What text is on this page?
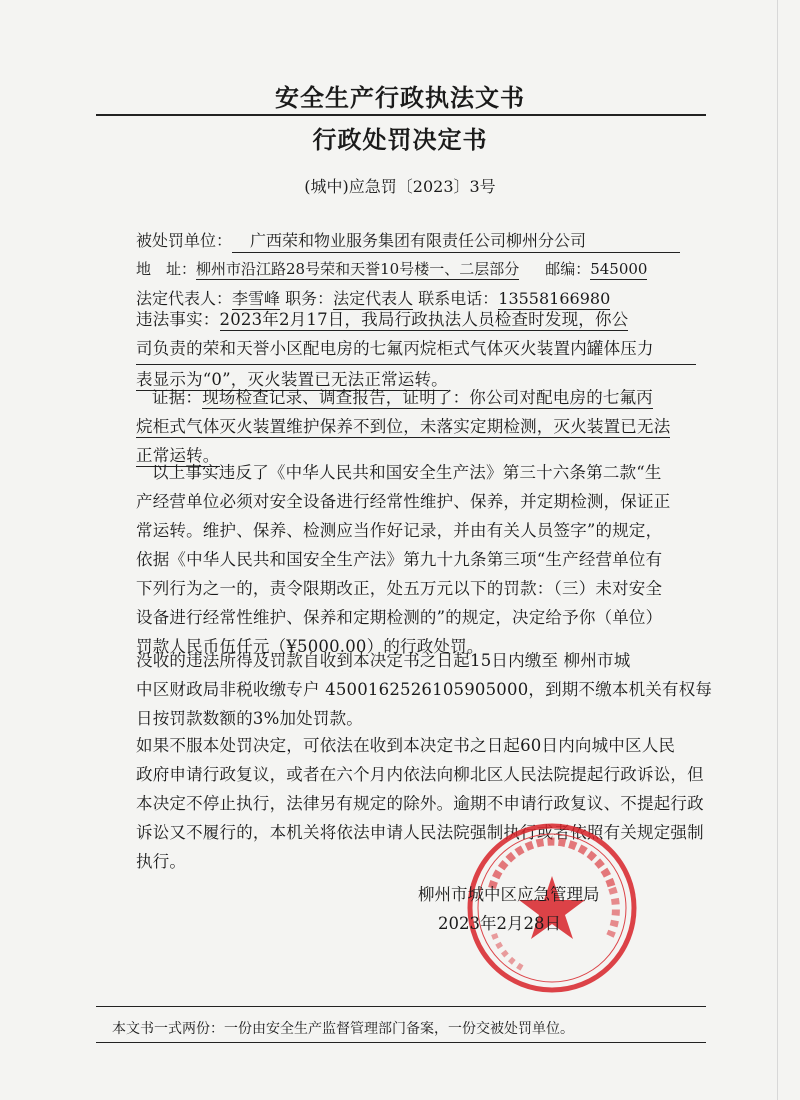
安全生产行政执法文书
行政处罚决定书
(城中)应急罚〔2023〕3号
被处罚单位： 广西荣和物业服务集团有限责任公司柳州分公司
地　址：柳州市沿江路28号荣和天誉10号楼一、二层部分 邮编：545000
法定代表人：李雪峰 职务：法定代表人 联系电话：13558166980
违法事实：2023年2月17日，我局行政执法人员检查时发现，你公
司负责的荣和天誉小区配电房的七氟丙烷柜式气体灭火装置内罐体压力
表显示为“0”，灭火装置已无法正常运转。
证据：现场检查记录、调查报告，证明了：你公司对配电房的七氟丙
烷柜式气体灭火装置维护保养不到位，未落实定期检测，灭火装置已无法
正常运转。
以上事实违反了《中华人民共和国安全生产法》第三十六条第二款“生
产经营单位必须对安全设备进行经常性维护、保养，并定期检测，保证正
常运转。维护、保养、检测应当作好记录，并由有关人员签字”的规定，
依据《中华人民共和国安全生产法》第九十九条第三项“生产经营单位有
下列行为之一的，责令限期改正，处五万元以下的罚款：（三）未对安全
设备进行经常性维护、保养和定期检测的”的规定，决定给予你（单位）
罚款人民币伍仟元（¥5000.00）的行政处罚。
没收的违法所得及罚款自收到本决定书之日起15日内缴至 柳州市城
中区财政局非税收缴专户 4500162526105905000，到期不缴本机关有权每
日按罚款数额的3%加处罚款。
如果不服本处罚决定，可依法在收到本决定书之日起60日内向城中区人民
政府申请行政复议，或者在六个月内依法向柳北区人民法院提起行政诉讼，但
本决定不停止执行，法律另有规定的除外。逾期不申请行政复议、不提起行政
诉讼又不履行的，本机关将依法申请人民法院强制执行或者依照有关规定强制
执行。
柳州市城中区应急管理局
2023年2月28日
本文书一式两份：一份由安全生产监督管理部门备案，一份交被处罚单位。
